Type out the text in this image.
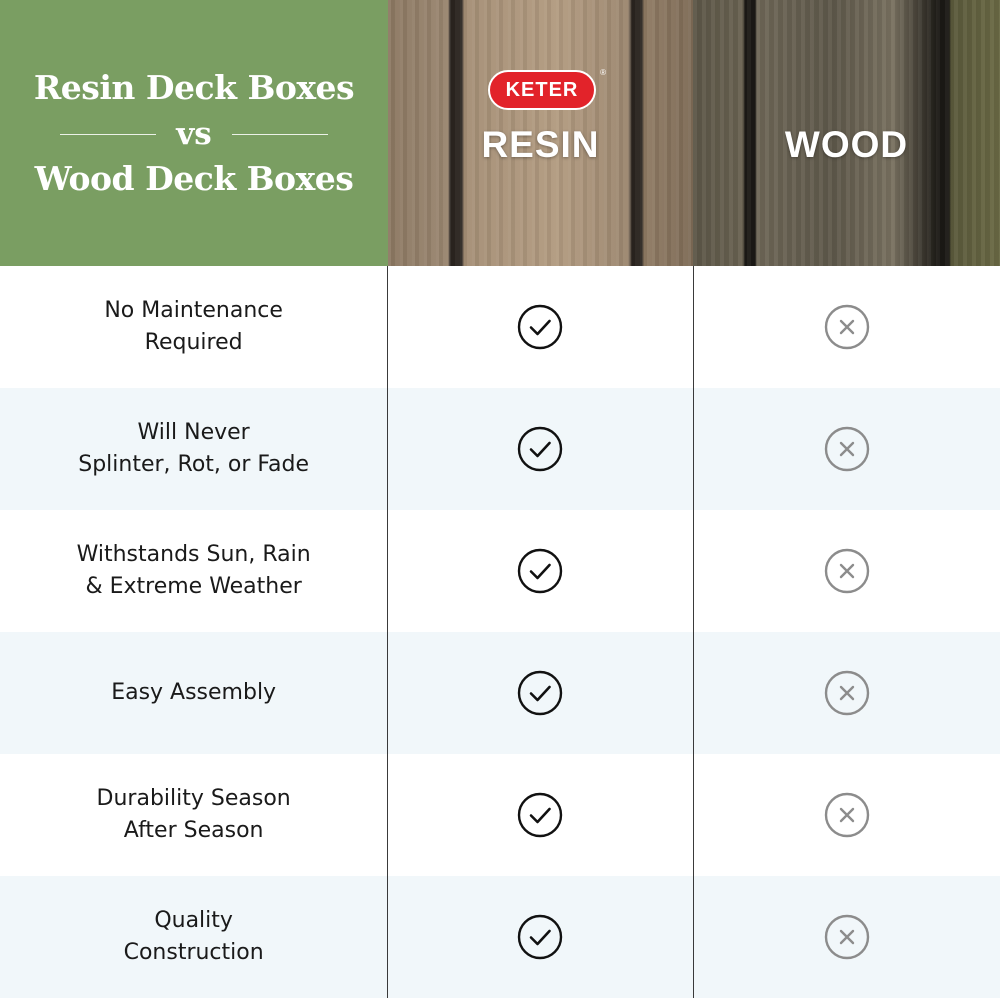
Resin Deck Boxes
vs
Wood Deck Boxes
KETER
®
RESIN	WOOD
No Maintenance
Required
Will Never
Splinter, Rot, or Fade
Withstands Sun, Rain
& Extreme Weather
Easy Assembly
Durability Season
After Season
Quality
Construction
